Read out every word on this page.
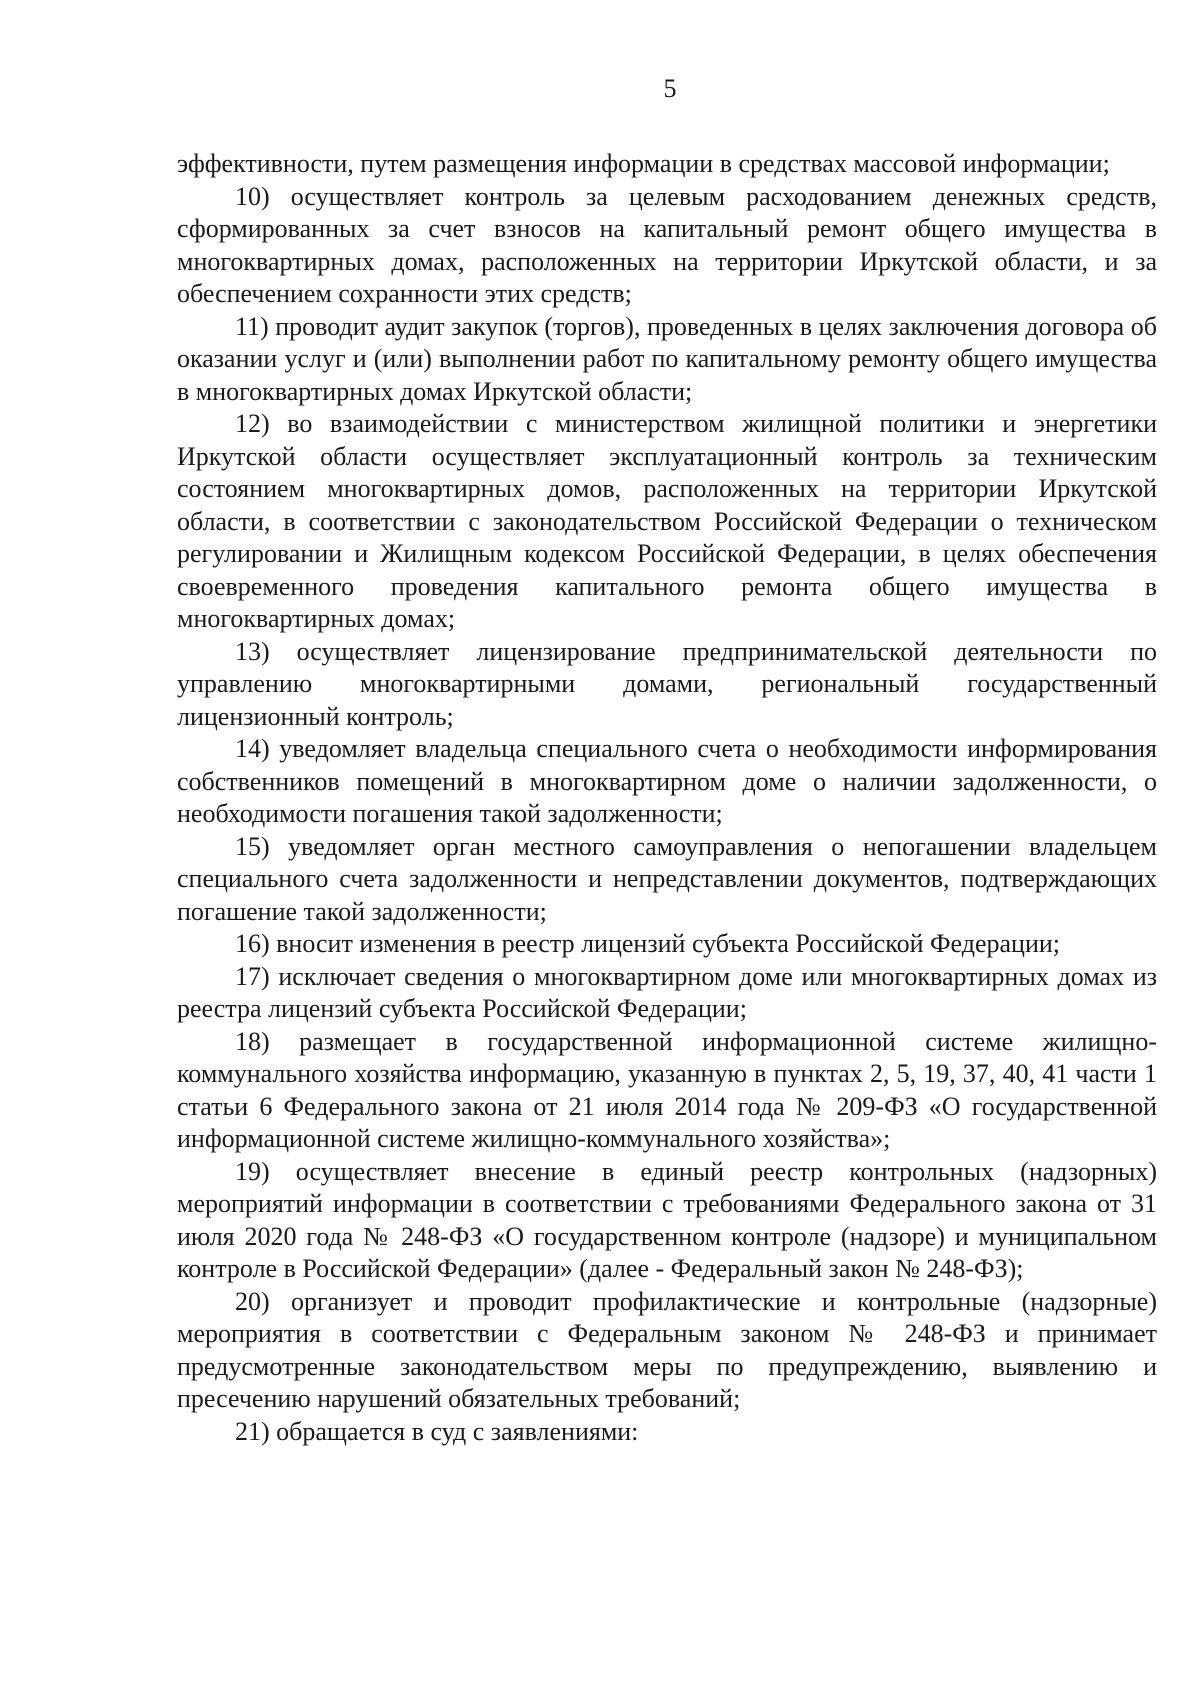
5

эффективности, путем размещения информации в средствах массовой информации;

10) осуществляет контроль за целевым расходованием денежных средств, сформированных за счет взносов на капитальный ремонт общего имущества в многоквартирных домах, расположенных на территории Иркутской области, и за обеспечением сохранности этих средств;

11) проводит аудит закупок (торгов), проведенных в целях заключения договора об оказании услуг и (или) выполнении работ по капитальному ремонту общего имущества в многоквартирных домах Иркутской области;

12) во взаимодействии с министерством жилищной политики и энергетики Иркутской области осуществляет эксплуатационный контроль за техническим состоянием многоквартирных домов, расположенных на территории Иркутской области, в соответствии с законодательством Российской Федерации о техническом регулировании и Жилищным кодексом Российской Федерации, в целях обеспечения своевременного проведения капитального ремонта общего имущества в многоквартирных домах;

13) осуществляет лицензирование предпринимательской деятельности по управлению многоквартирными домами, региональный государственный лицензионный контроль;

14) уведомляет владельца специального счета о необходимости информирования собственников помещений в многоквартирном доме о наличии задолженности, о необходимости погашения такой задолженности;

15) уведомляет орган местного самоуправления о непогашении владельцем специального счета задолженности и непредставлении документов, подтверждающих погашение такой задолженности;

16) вносит изменения в реестр лицензий субъекта Российской Федерации;

17) исключает сведения о многоквартирном доме или многоквартирных домах из реестра лицензий субъекта Российской Федерации;

18) размещает в государственной информационной системе жилищно-коммунального хозяйства информацию, указанную в пунктах 2, 5, 19, 37, 40, 41 части 1 статьи 6 Федерального закона от 21 июля 2014 года № 209-ФЗ «О государственной информационной системе жилищно-коммунального хозяйства»;

19) осуществляет внесение в единый реестр контрольных (надзорных) мероприятий информации в соответствии с требованиями Федерального закона от 31 июля 2020 года № 248-ФЗ «О государственном контроле (надзоре) и муниципальном контроле в Российской Федерации» (далее - Федеральный закон № 248-ФЗ);

20) организует и проводит профилактические и контрольные (надзорные) мероприятия в соответствии с Федеральным законом № 248-ФЗ и принимает предусмотренные законодательством меры по предупреждению, выявлению и пресечению нарушений обязательных требований;

21) обращается в суд с заявлениями:
